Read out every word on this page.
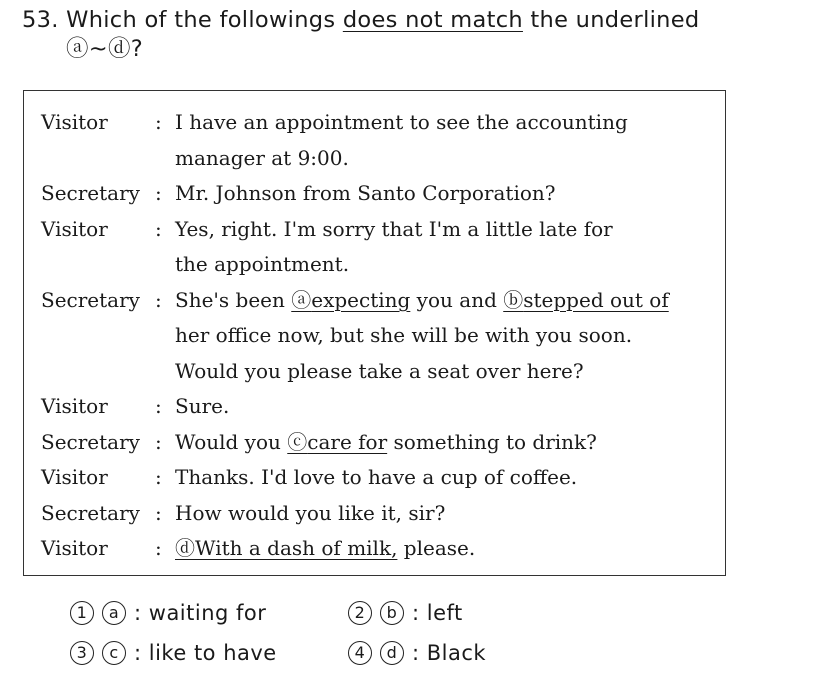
53. Which of the followings does not match the underlined
ⓐ~ⓓ?
Visitor	: I have an appointment to see the accounting
manager at 9:00.
Secretary : Mr. Johnson from Santo Corporation?
Visitor	: Yes, right. I'm sorry that I'm a little late for
the appointment.
Secretary : She's been ⓐexpecting you and ⓑstepped out of
her office now, but she will be with you soon.
Would you please take a seat over here?
Visitor	: Sure.
Secretary : Would you ⓒcare for something to drink?
Visitor	: Thanks. I'd love to have a cup of coffee.
Secretary : How would you like it, sir?
Visitor	: ⓓWith a dash of milk, please.
1 a : waiting for	2 b : left
3 c : like to have	4 d : Black
